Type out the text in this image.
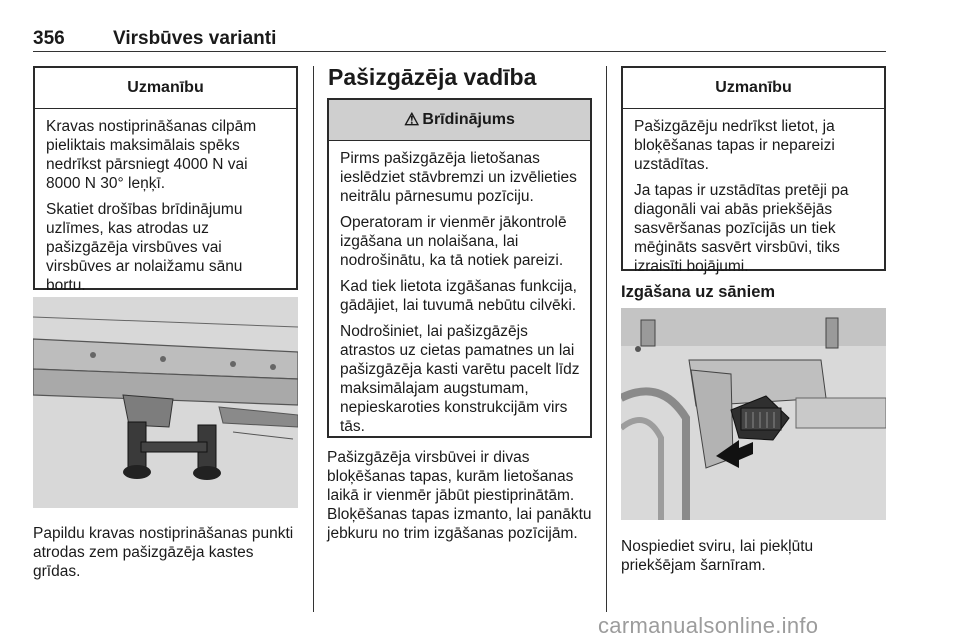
356	Virsbūves varianti
Uzmanību

Kravas nostiprināšanas cilpām pieliktais maksimālais spēks nedrīkst pārsniegt 4000 N vai 8000 N 30° leņķī.

Skatiet drošības brīdinājumu uzlīmes, kas atrodas uz pašizgāzēja virsbūves vai virsbūves ar nolaižamu sānu bortu.

Papildu kravas nostiprināšanas punkti atrodas zem pašizgāzēja kastes grīdas.
Pašizgāzēja vadība
⚠ Brīdinājums

Pirms pašizgāzēja lietošanas ieslēdziet stāvbremzi un izvēlieties neitrālu pārnesumu pozīciju.

Operatoram ir vienmēr jākontrolē izgāšana un nolaišana, lai nodrošinātu, ka tā notiek pareizi.

Kad tiek lietota izgāšanas funkcija, gādājiet, lai tuvumā nebūtu cilvēki.

Nodrošiniet, lai pašizgāzējs atrastos uz cietas pamatnes un lai pašizgāzēja kasti varētu pacelt līdz maksimālajam augstumam, nepieskaroties konstrukcijām virs tās.

Pašizgāzēja virsbūvei ir divas bloķēšanas tapas, kurām lietošanas laikā ir vienmēr jābūt piestiprinātām. Bloķēšanas tapas izmanto, lai panāktu jebkuru no trim izgāšanas pozīcijām.
Uzmanību

Pašizgāzēju nedrīkst lietot, ja bloķēšanas tapas ir nepareizi uzstādītas.

Ja tapas ir uzstādītas pretēji pa diagonāli vai abās priekšējās sasvēršanas pozīcijās un tiek mēģināts sasvērt virsbūvi, tiks izraisīti bojājumi.

Izgāšana uz sāniem
Nospiediet sviru, lai piekļūtu priekšējam šarnīram.
carmanualsonline.info
